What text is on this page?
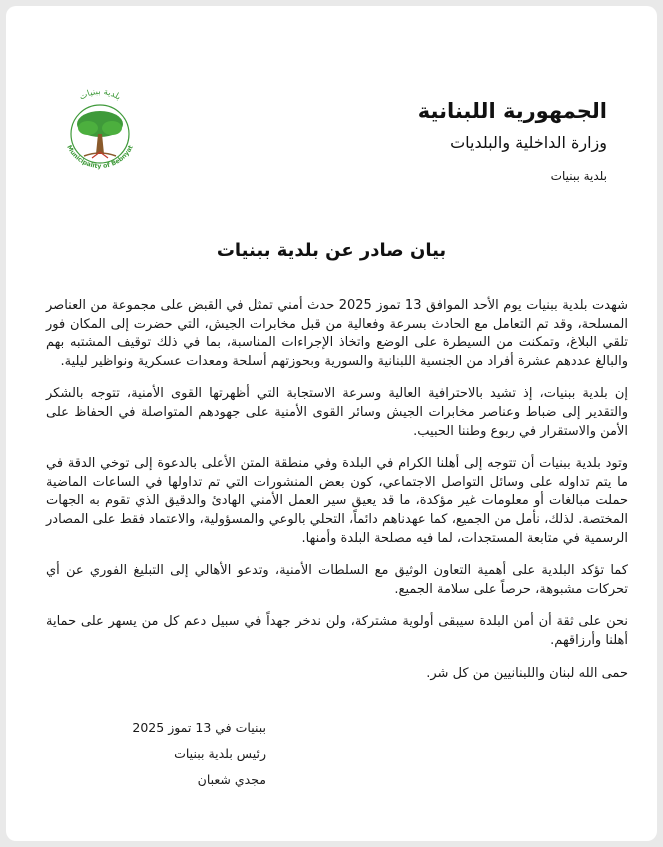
بلدية ببنيات
Municipality of Bebnyat
الجمهورية اللبنانية
وزارة الداخلية والبلديات
بلدية ببنيات
بيان صادر عن بلدية ببنيات

شهدت بلدية ببنيات يوم الأحد الموافق 13 تموز 2025 حدث أمني تمثل في القبض على مجموعة من العناصر المسلحة، وقد تم التعامل مع الحادث بسرعة وفعالية من قبل مخابرات الجيش، التي حضرت إلى المكان فور تلقي البلاغ، وتمكنت من السيطرة على الوضع واتخاذ الإجراءات المناسبة، بما في ذلك توقيف المشتبه بهم والبالغ عددهم عشرة أفراد من الجنسية اللبنانية والسورية وبحوزتهم أسلحة ومعدات عسكرية ونواظير ليلية.

إن بلدية ببنيات، إذ تشيد بالاحترافية العالية وسرعة الاستجابة التي أظهرتها القوى الأمنية، تتوجه بالشكر والتقدير إلى ضباط وعناصر مخابرات الجيش وسائر القوى الأمنية على جهودهم المتواصلة في الحفاظ على الأمن والاستقرار في ربوع وطننا الحبيب.

وتود بلدية ببنيات أن تتوجه إلى أهلنا الكرام في البلدة وفي منطقة المتن الأعلى بالدعوة إلى توخي الدقة في ما يتم تداوله على وسائل التواصل الاجتماعي، كون بعض المنشورات التي تم تداولها في الساعات الماضية حملت مبالغات أو معلومات غير مؤكدة، ما قد يعيق سير العمل الأمني الهادئ والدقيق الذي تقوم به الجهات المختصة. لذلك، نأمل من الجميع، كما عهدناهم دائماً، التحلي بالوعي والمسؤولية، والاعتماد فقط على المصادر الرسمية في متابعة المستجدات، لما فيه مصلحة البلدة وأمنها.

كما تؤكد البلدية على أهمية التعاون الوثيق مع السلطات الأمنية، وتدعو الأهالي إلى التبليغ الفوري عن أي تحركات مشبوهة، حرصاً على سلامة الجميع.

نحن على ثقة أن أمن البلدة سيبقى أولوية مشتركة، ولن ندخر جهداً في سبيل دعم كل من يسهر على حماية أهلنا وأرزاقهم.

حمى الله لبنان واللبنانيين من كل شر.

ببنيات في 13 تموز 2025
رئيس بلدية ببنيات
مجدي شعبان
